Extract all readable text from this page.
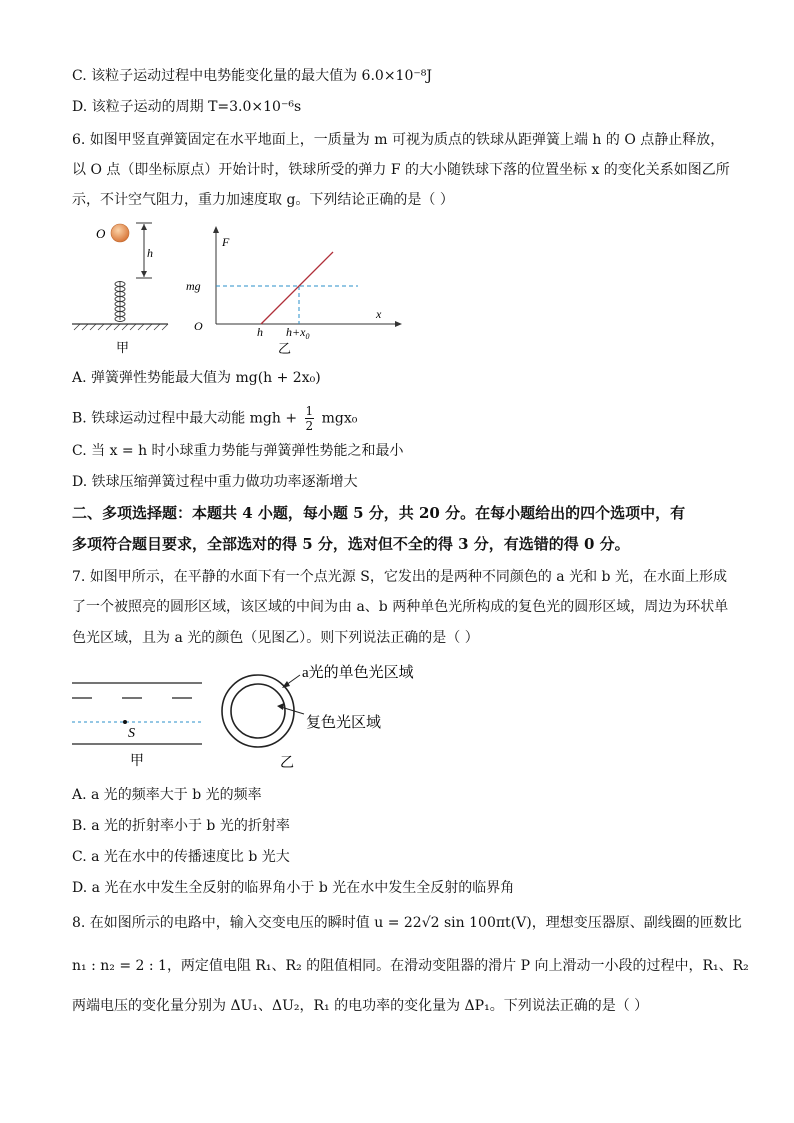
C. 该粒子运动过程中电势能变化量的最大值为 6.0×10⁻⁸J
D. 该粒子运动的周期 T=3.0×10⁻⁶s
6. 如图甲竖直弹簧固定在水平地面上，一质量为 m 可视为质点的铁球从距弹簧上端 h 的 O 点静止释放，
以 O 点（即坐标原点）开始计时，铁球所受的弹力 F 的大小随铁球下落的位置坐标 x 的变化关系如图乙所
示，不计空气阻力，重力加速度取 g。下列结论正确的是（ ）
O
h
甲
F
mg
O
x
h $h+x_0$
乙
A. 弹簧弹性势能最大值为 mg(h + 2x₀)
B. 铁球运动过程中最大动能 mgh + $\frac{1}{2} mgx_0$
C. 当 x = h 时小球重力势能与弹簧弹性势能之和最小
D. 铁球压缩弹簧过程中重力做功功率逐渐增大
二、多项选择题：本题共 4 小题，每小题 5 分，共 20 分。在每小题给出的四个选项中，有
多项符合题目要求，全部选对的得 5 分，选对但不全的得 3 分，有选错的得 0 分。
7. 如图甲所示，在平静的水面下有一个点光源 S，它发出的是两种不同颜色的 a 光和 b 光，在水面上形成
了一个被照亮的圆形区域，该区域的中间为由 a、b 两种单色光所构成的复色光的圆形区域，周边为环状单
色光区域，且为 a 光的颜色（见图乙）。则下列说法正确的是（ ）
S
甲
a光的单色光区域
复色光区域
乙
A. a 光的频率大于 b 光的频率
B. a 光的折射率小于 b 光的折射率
C. a 光在水中的传播速度比 b 光大
D. a 光在水中发生全反射的临界角小于 b 光在水中发生全反射的临界角
8. 在如图所示的电路中，输入交变电压的瞬时值 u = 22√2 sin 100πt(V)，理想变压器原、副线圈的匝数比
n₁ : n₂ = 2 : 1，两定值电阻 R₁、R₂ 的阻值相同。在滑动变阻器的滑片 P 向上滑动一小段的过程中，R₁、R₂
两端电压的变化量分别为 ΔU₁、ΔU₂，R₁ 的电功率的变化量为 ΔP₁。下列说法正确的是（ ）
